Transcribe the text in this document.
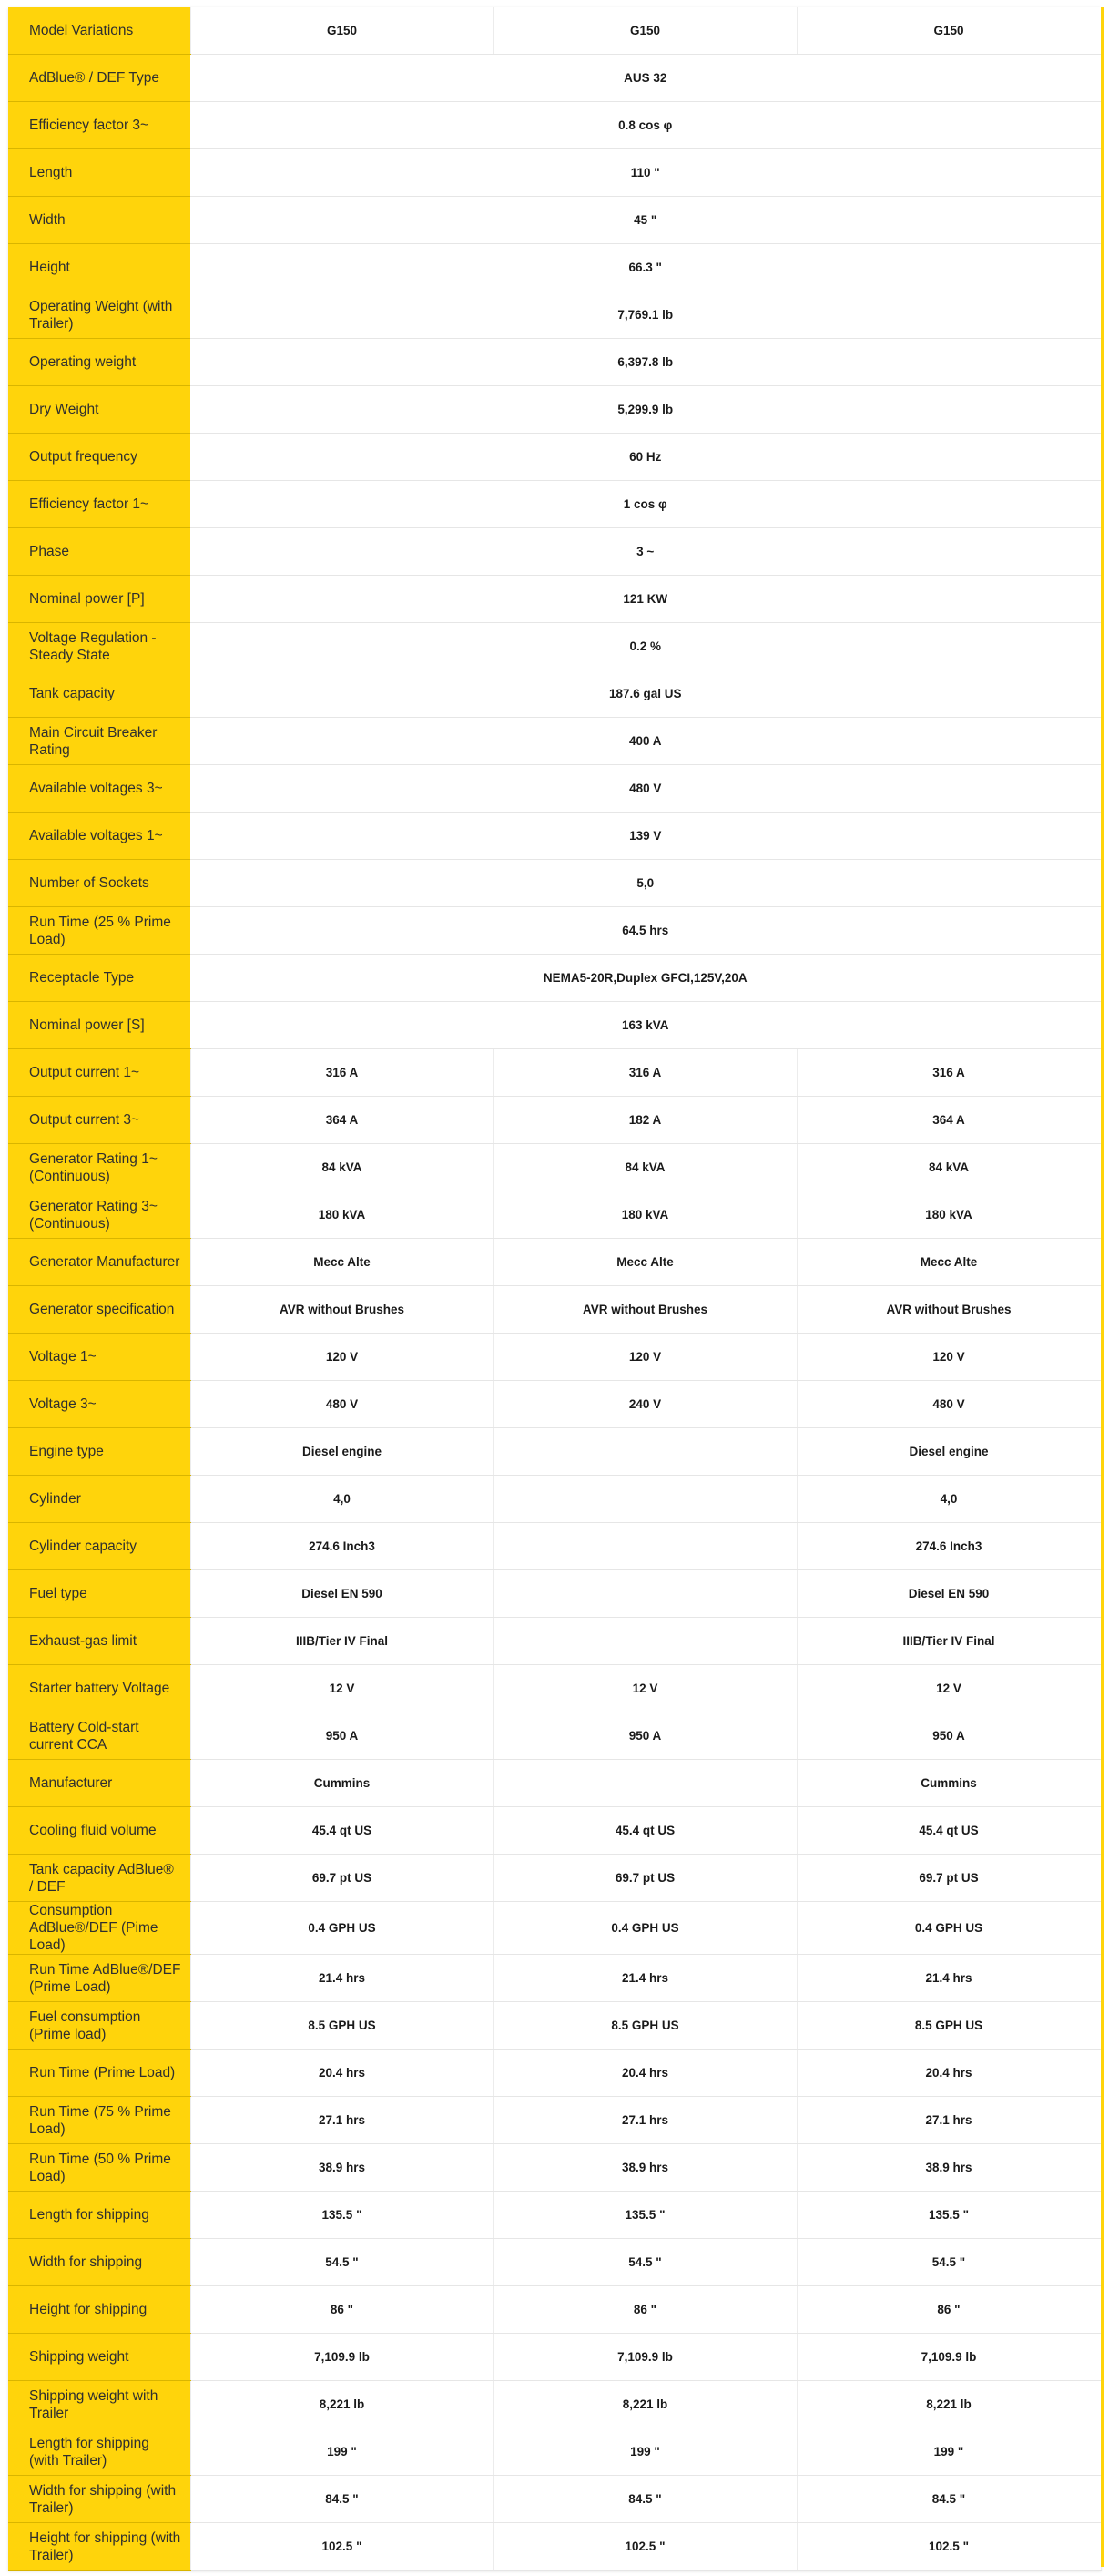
Model Variations	G150	G150	G150
AdBlue® / DEF Type	AUS 32		
Efficiency factor 3~	0.8 cos φ		
Length	110 "		
Width	45 "		
Height	66.3 "		
Operating Weight (with Trailer)	7,769.1 lb		
Operating weight	6,397.8 lb		
Dry Weight	5,299.9 lb		
Output frequency	60 Hz		
Efficiency factor 1~	1 cos φ		
Phase	3 ~		
Nominal power [P]	121 KW		
Voltage Regulation - Steady State	0.2 %		
Tank capacity	187.6 gal US		
Main Circuit Breaker Rating	400 A		
Available voltages 3~	480 V		
Available voltages 1~	139 V		
Number of Sockets	5,0		
Run Time (25 % Prime Load)	64.5 hrs		
Receptacle Type	NEMA5-20R,Duplex GFCI,125V,20A		
Nominal power [S]	163 kVA		
Output current 1~	316 A	316 A	316 A
Output current 3~	364 A	182 A	364 A
Generator Rating 1~ (Continuous)	84 kVA	84 kVA	84 kVA
Generator Rating 3~ (Continuous)	180 kVA	180 kVA	180 kVA
Generator Manufacturer	Mecc Alte	Mecc Alte	Mecc Alte
Generator specification	AVR without Brushes	AVR without Brushes	AVR without Brushes
Voltage 1~	120 V	120 V	120 V
Voltage 3~	480 V	240 V	480 V
Engine type	Diesel engine		Diesel engine
Cylinder	4,0		4,0
Cylinder capacity	274.6 Inch3		274.6 Inch3
Fuel type	Diesel EN 590		Diesel EN 590
Exhaust-gas limit	IIIB/Tier IV Final		IIIB/Tier IV Final
Starter battery Voltage	12 V	12 V	12 V
Battery Cold-start current CCA	950 A	950 A	950 A
Manufacturer	Cummins		Cummins
Cooling fluid volume	45.4 qt US	45.4 qt US	45.4 qt US
Tank capacity AdBlue® / DEF	69.7 pt US	69.7 pt US	69.7 pt US
Consumption AdBlue®/DEF (Pime Load)	0.4 GPH US	0.4 GPH US	0.4 GPH US
Run Time AdBlue®/DEF (Prime Load)	21.4 hrs	21.4 hrs	21.4 hrs
Fuel consumption (Prime load)	8.5 GPH US	8.5 GPH US	8.5 GPH US
Run Time (Prime Load)	20.4 hrs	20.4 hrs	20.4 hrs
Run Time (75 % Prime Load)	27.1 hrs	27.1 hrs	27.1 hrs
Run Time (50 % Prime Load)	38.9 hrs	38.9 hrs	38.9 hrs
Length for shipping	135.5 "	135.5 "	135.5 "
Width for shipping	54.5 "	54.5 "	54.5 "
Height for shipping	86 "	86 "	86 "
Shipping weight	7,109.9 lb	7,109.9 lb	7,109.9 lb
Shipping weight with Trailer	8,221 lb	8,221 lb	8,221 lb
Length for shipping (with Trailer)	199 "	199 "	199 "
Width for shipping (with Trailer)	84.5 "	84.5 "	84.5 "
Height for shipping (with Trailer)	102.5 "	102.5 "	102.5 "
